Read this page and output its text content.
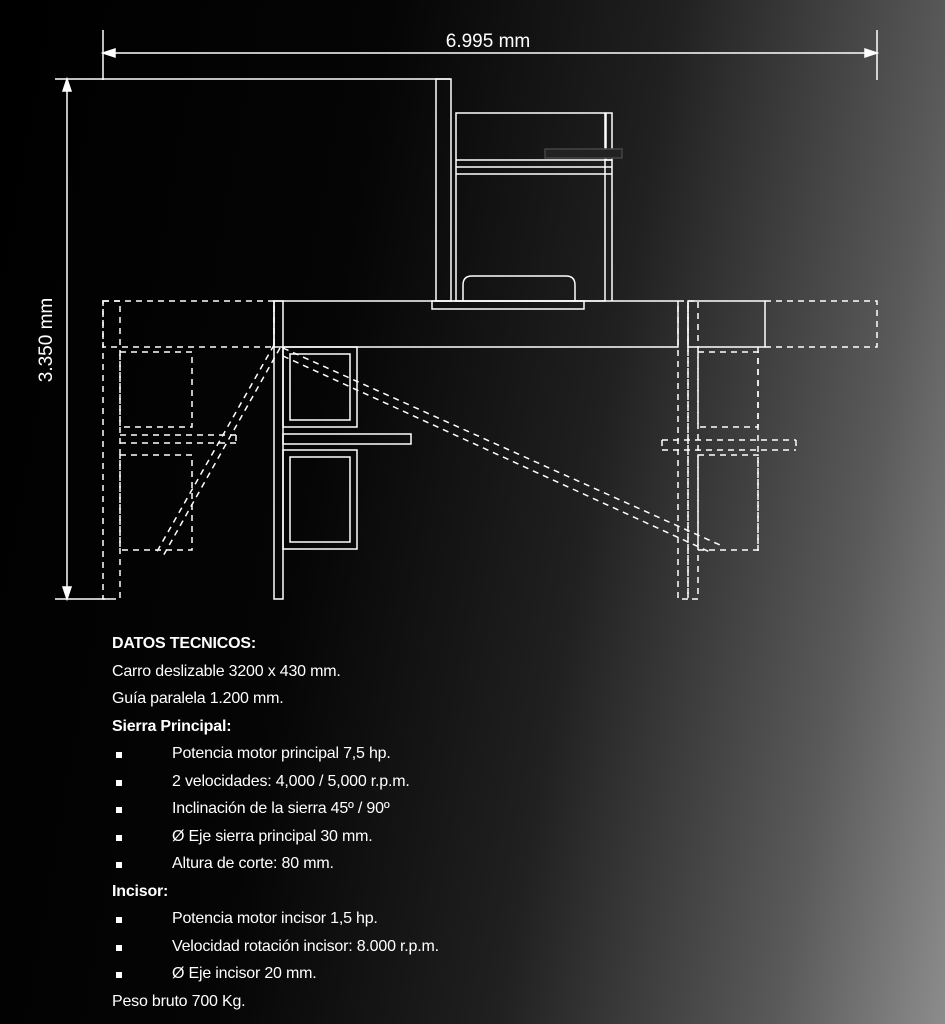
6.995 mm
3.350 mm
DATOS TECNICOS:
Carro deslizable 3200 x 430 mm.
Guía paralela 1.200 mm.
Sierra Principal:
Potencia motor principal 7,5 hp.
2 velocidades: 4,000 / 5,000 r.p.m.
Inclinación de la sierra 45º / 90º
Ø Eje sierra principal 30 mm.
Altura de corte: 80 mm.
Incisor:
Potencia motor incisor 1,5 hp.
Velocidad rotación incisor: 8.000 r.p.m.
Ø Eje incisor 20 mm.
Peso bruto 700 Kg.
